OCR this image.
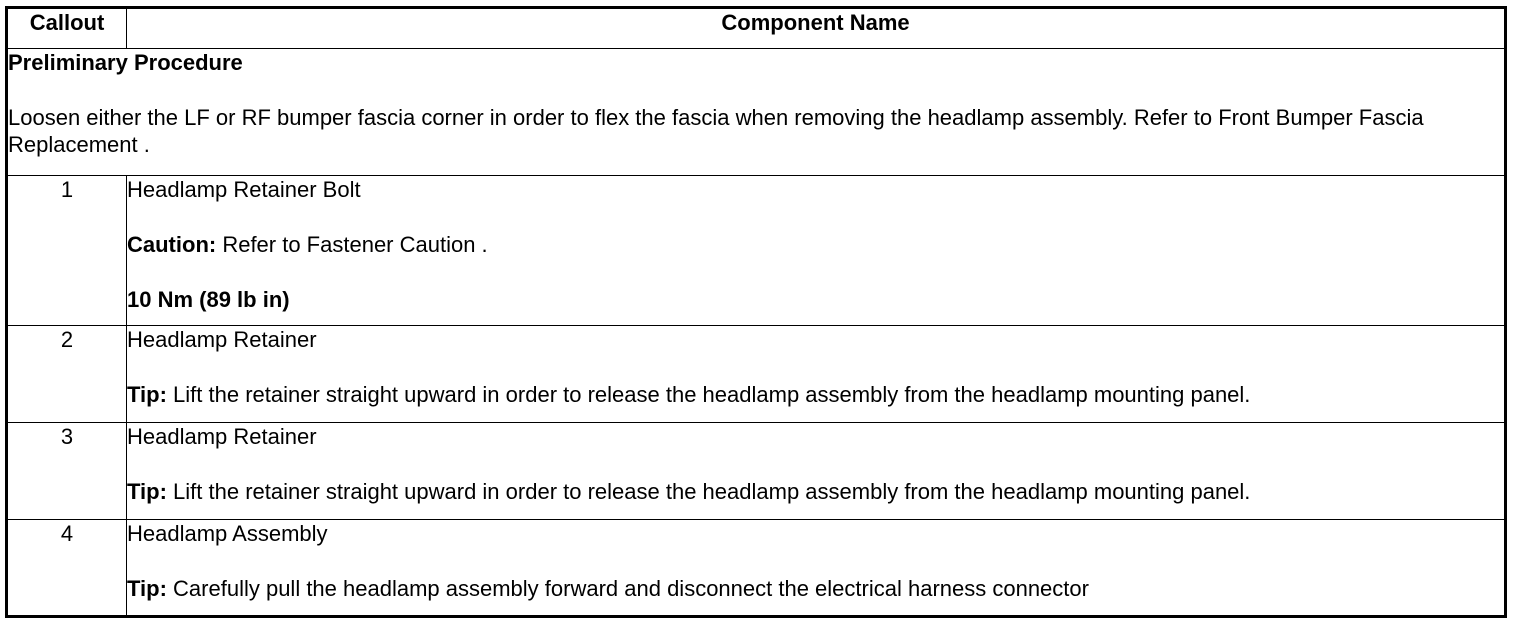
Callout	Component Name

Preliminary Procedure

Loosen either the LF or RF bumper fascia corner in order to flex the fascia when removing the headlamp assembly. Refer to Front Bumper Fascia Replacement .	

1	Headlamp Retainer Bolt

Caution: Refer to Fastener Caution .

10 Nm (89 lb in)

2	Headlamp Retainer

Tip: Lift the retainer straight upward in order to release the headlamp assembly from the headlamp mounting panel.

3	Headlamp Retainer

Tip: Lift the retainer straight upward in order to release the headlamp assembly from the headlamp mounting panel.

4	Headlamp Assembly

Tip: Carefully pull the headlamp assembly forward and disconnect the electrical harness connector
